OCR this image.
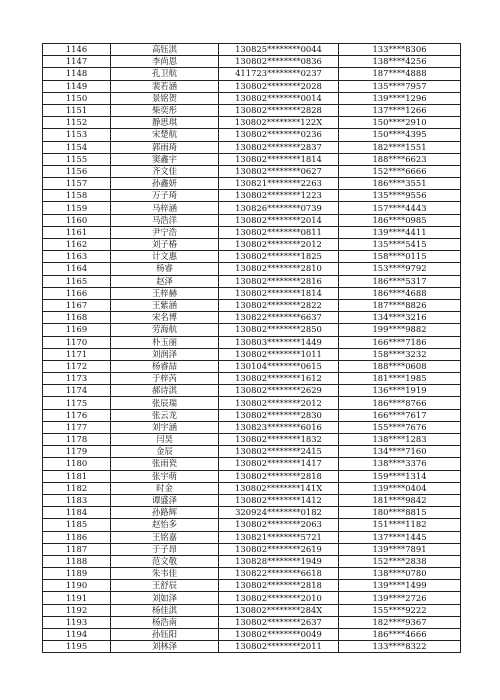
1146	高钰淇	130825********0044	133****8306
1147	李尚恩	130802********0836	138****4256
1148	孔卫航	411723********0237	187****4888
1149	裴若涵	130802********2028	135****7957
1150	景铭贺	130802********0014	139****1296
1151	柴奕彤	130802********2828	137****1266
1152	静思琪	130802********122X	150****2910
1153	宋楚航	130802********0236	150****4395
1154	郭雨琦	130802********2837	182****1551
1155	窦鑫宇	130802********1814	188****6623
1156	齐文佳	130802********0627	152****6666
1157	孙鑫妍	130821********2263	186****3551
1158	万子琦	130802********1223	135****9556
1159	马梓涵	130826********0739	157****4443
1160	马浩洋	130802********2014	186****0985
1161	尹宁浩	130802********0811	139****4411
1162	刘子椿	130802********2012	135****5415
1163	计文惠	130802********1825	158****0115
1164	杨睿	130802********2810	153****9792
1165	赵泽	130802********2816	186****5317
1166	王梓赫	130802********1814	186****4688
1167	王紫涵	130802********2822	187****8826
1168	宋名博	130822********6637	134****3216
1169	劳海航	130802********2850	199****9882
1170	朴玉丽	130803********1449	166****7186
1171	刘润泽	130802********1011	158****3232
1172	杨睿喆	130104********0615	188****0608
1173	于梓芮	130802********1612	181****1985
1174	郝诗淇	130802********2629	136****1919
1175	张辰瑞	130802********2012	186****8766
1176	张云龙	130802********2830	166****7617
1177	刘宇涵	130823********6016	155****7676
1178	闫昊	130802********1832	138****1283
1179	金辰	130802********2415	134****7160
1180	张雨瓷	130802********1417	138****3376
1181	张宇萌	130802********2818	159****1314
1182	时金	130802********141X	139****0404
1183	谭盛泽	130802********1412	181****9842
1184	孙路辉	320924********0182	180****8815
1185	赵怡多	130802********2063	151****1182
1186	王铭嘉	130821********5721	137****1445
1187	于子昂	130802********2619	139****7891
1188	范文敬	130828********1949	152****2838
1189	朱韦佳	130822********6618	138****0780
1190	王舒辰	130802********2818	139****1499
1191	刘如泽	130802********2010	139****2726
1192	杨佳淇	130802********284X	155****9222
1193	杨浩南	130802********2637	182****9367
1194	孙钰阳	130802********0049	186****4666
1195	刘林泽	130802********2011	133****8322
